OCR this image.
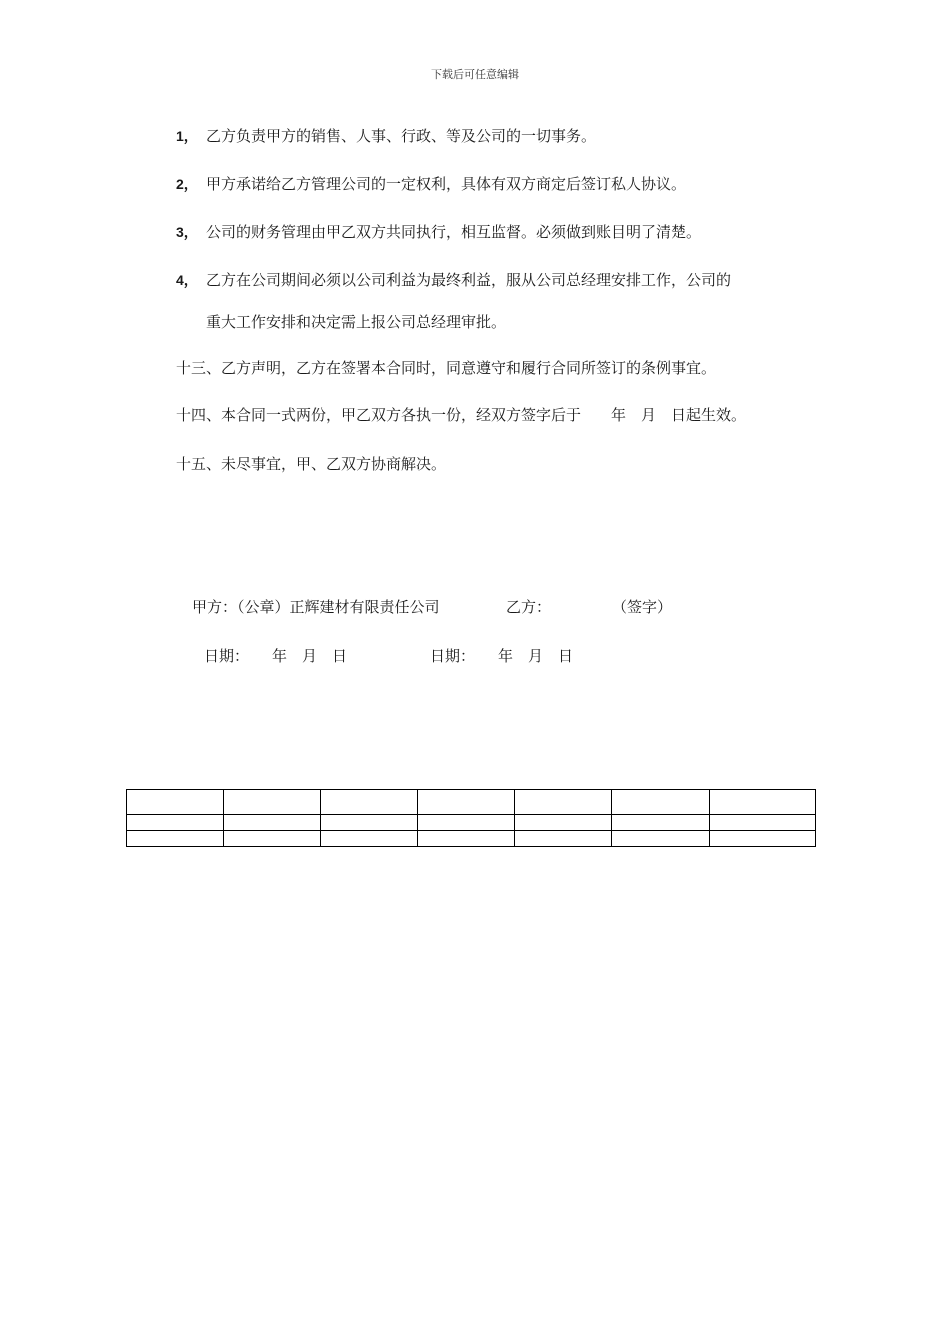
下载后可任意编辑
1， 乙方负责甲方的销售、人事、行政、等及公司的一切事务。
2， 甲方承诺给乙方管理公司的一定权利，具体有双方商定后签订私人协议。
3， 公司的财务管理由甲乙双方共同执行，相互监督。必须做到账目明了清楚。
4， 乙方在公司期间必须以公司利益为最终利益，服从公司总经理安排工作，公司的
重大工作安排和决定需上报公司总经理审批。
十三、乙方声明，乙方在签署本合同时，同意遵守和履行合同所签订的条例事宜。
十四、本合同一式两份，甲乙双方各执一份，经双方签字后于　　年　月　日起生效。
十五、未尽事宜，甲、乙双方协商解决。
甲方：（公章）正辉建材有限责任公司	乙方：	（签字）
日期： 年　月　日	日期： 年　月　日
